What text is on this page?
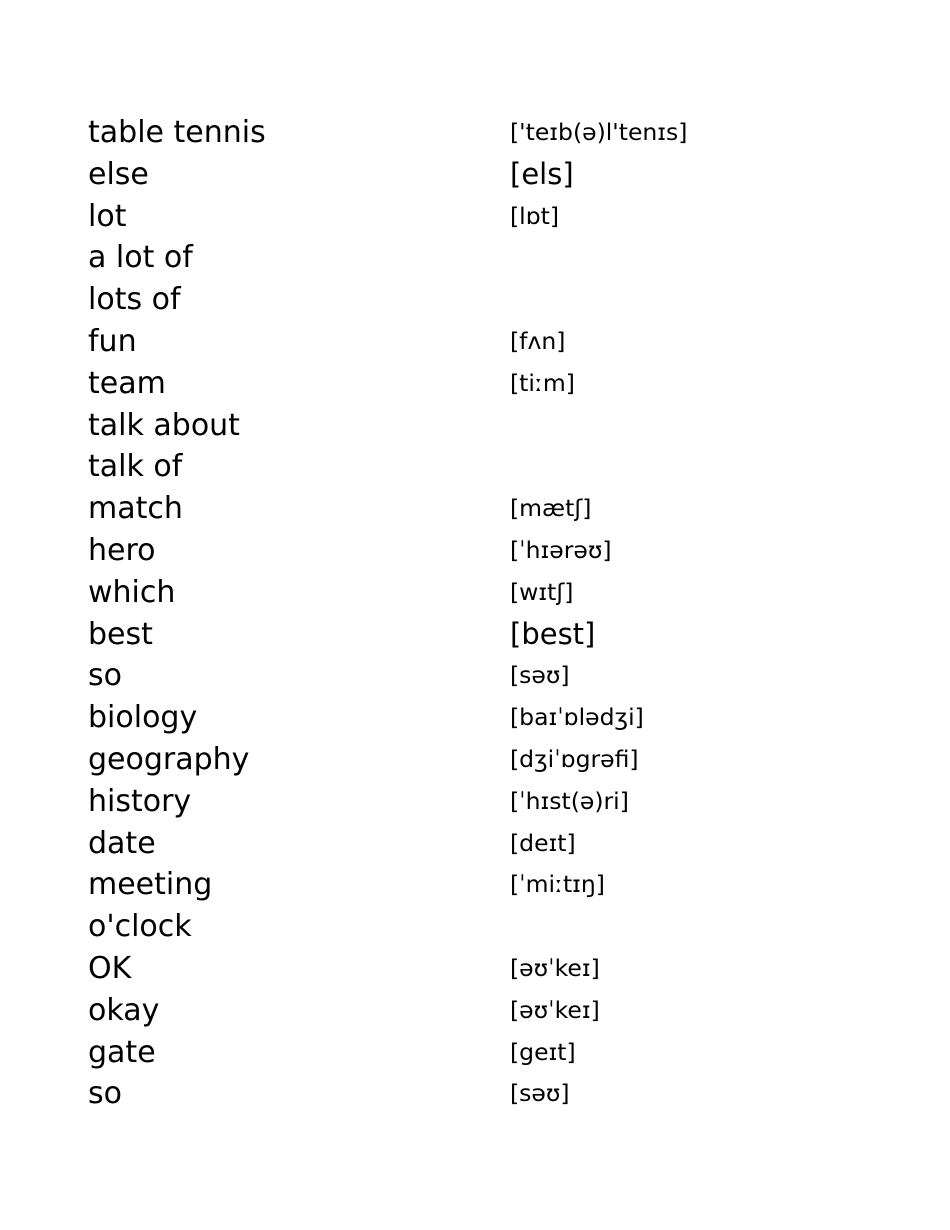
table tennis	['teɪb(ə)l'tenɪs]
else	[els]
lot	[lɒt]
a lot of
lots of
fun	[fʌn]
team	[tiːm]
talk about
talk of
match	[mætʃ]
hero	[ˈhɪərəʊ]
which	[wɪtʃ]
best	[best]
so	[səʊ]
biology	[baɪˈɒlədʒi]
geography	[dʒiˈɒgrəfi]
history	[ˈhɪst(ə)ri]
date	[deɪt]
meeting	[ˈmiːtɪŋ]
o'clock
OK	[əʊˈkeɪ]
okay	[əʊˈkeɪ]
gate	[geɪt]
so	[səʊ]
